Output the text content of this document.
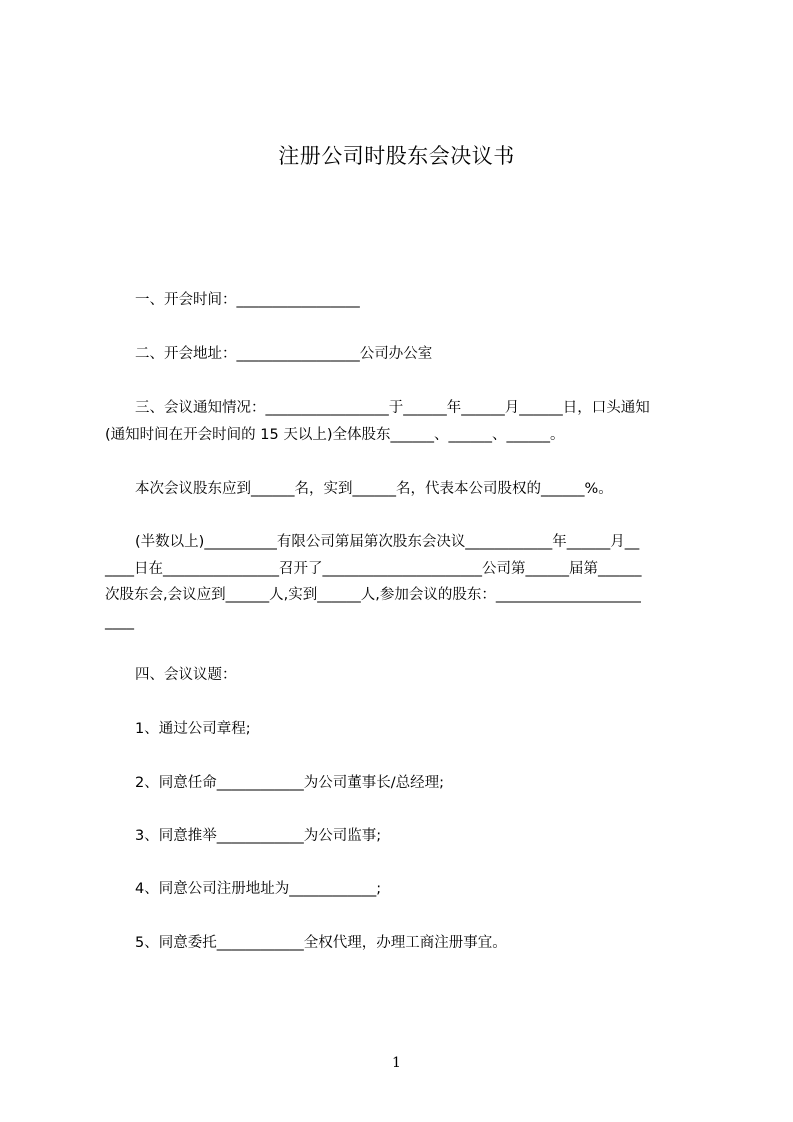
注册公司时股东会决议书
一、开会时间：_________________
二、开会地址：_________________公司办公室
三、会议通知情况：_________________于______年______月______日，口头通知
(通知时间在开会时间的 15 天以上)全体股东______、______、______。
本次会议股东应到______名，实到______名，代表本公司股权的______%。
(半数以上)__________有限公司第届第次股东会决议____________年______月__
____日在________________召开了______________________公司第______届第______
次股东会,会议应到______人,实到______人,参加会议的股东：____________________
____
四、会议议题：
1、通过公司章程;
2、同意任命____________为公司董事长/总经理;
3、同意推举____________为公司监事;
4、同意公司注册地址为____________;
5、同意委托____________全权代理，办理工商注册事宜。
1
